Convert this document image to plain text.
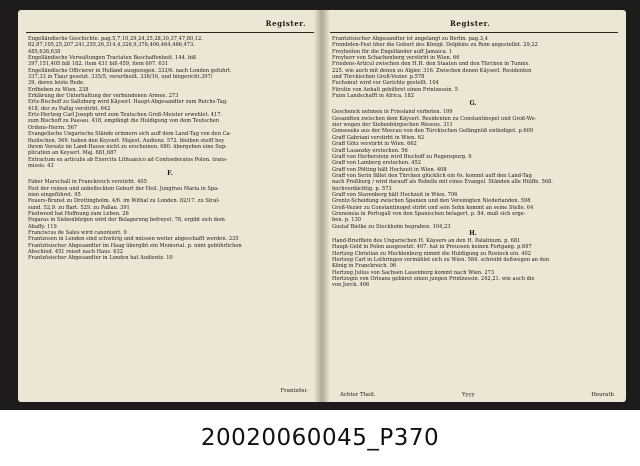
Register.
Engelländische Geschichte. pag.5,7,10,29,24,25,28,30,37,47,80,12.
82,87,105,25,207,241,255,26,314,4,326,9,378,406,464,466,473.
485,636,638
Engelländische Verwaltungen Tractaten Beschaffenheit. 144. biß
397,151,405 biß 182. item 431 biß 459, item 607. 631
Engelländische Officierer in Holland ausgezogen. 333/6. nach Londen gefuhrt.
337,33 in Tiaur gesetzt. 335/5, verurtheilt. 338/16, und hingericht.397/
39, deren leiste Rede.
Erdbeben zu Wien. 238
Erklärung der Unterhaltung der verbundenen Armee. 273
Ertz-Bischoff zu Saltzburg wird Käyserl. Haupt-Abgesandter zum Reichs-Tag.
418, der zu Paßig verstirbt. 642
Ertz-Hertzog Carl Joseph wird zum Teutschen Groß-Meister erwehlet. 417.
zum Bischoff zu Passau. 418, empfängt die Huldigung von dem Teutschen
Ordens-Herrn. 567
Evangelische Ungarische Stände erinnern sich auff dem Land-Tag von den Ca-
tholischen. 569. haben den Keyserl. Majest. Audienz. 572. bleiben steiff bey
ihrem Vorsatz im Land-Hause nicht zu erscheinen. 680. übergeben eine Sup-
plication an Keyserl. Maj. 681,687
Extractum ex articulis ab Exercitu Lithuanico ad Confoederatos Polon. trans-
missis. 43
F.
Faber Marschall in Franckreich verstirbt. 405
Fest der reinen und unbefleckten Geburt der Heil. Jungfrau Maria in Spa-
nien eingeführet. 95
Feuers-Brunst zu Drottingholm. 4/6. im Withal zu Londen. 82/17. zu Stral-
sund. 52,9. zu Bart. 529. zu Paßau. 391
Fiedwood hat Hoffnung zum Leben. 26
Fogaras in Siebenbürgen wird der Belagerung befreyet. 78, ergibt sich dem
Abaffy. 119
Franciscus de Sales wird canonisirt. 9
Frantzosen in Londen sind schwürig und müssen weiter abgeschafft werden. 235
Frantzösischer Abgesandter im Haag übergibt ein Memorial. p. nimt gebührlichen
Abschied. 451 reiset nach Haus. 632
Frantzösischer Abgesandter in Londen hat Audientz. 10
Frantzösi-
Register.
Frantzösischer Abgesandter ist angelangt zu Berlin. pag.3,4
Frembden-Fest über die Geburt des Königl. Dolphins zu Rom angestellet. 29,22
Freyheiten für die Engelländer auff Jamaica. 1
Freyherr von Schachenberg verstirbt in Wien. 66
Friedens-Articul zwischen den H.H. den Staaten und den Türcken in Tunnis.
225. wie auch mit denen zu Algier. 316. Zwischen denen Käyserl. Residenten
und Türckischen Groß-Vezier. p.578
Fuchsmut wird vor Gerichte gestellt. 104
Fürstin von Anhalt gebühret einen Printzessin. 5
Funn Landschafft in Africa. 182
G.
Geschenck nehmen in Friesland verboten. 199
Gesandten zwischen dem Käyserl. Residenten zu Constantinopel und Groß-We-
zier wegen der Siebenbürgischen Wesens. 311
Gonseseks aus der Moscau von den Türckischen Gefängnüß entlediget. p.609
Graff Gabriani verstirbt in Wien. 62
Graff Götz verstirbt in Wien. 662
Graff Lasanzky erstochen. 56
Graff von Herberstein wird Bischoff zu Regenspurg. 9
Graff von Lamberg erstochen. 452
Graff von Pötting hält Hochzeit in Wien. 408
Graff von Serin fället den Türcken glücklich ein 6s. kommt auff den Land-Tag
nach Preßburg / wird darauff als Rebelle mit eines Evangel. Ständen alle Hülffe. 568.
hochverdächtig. p. 573
Graff von Starenberg hält Hochzeit in Wien. 706
Grentz-Scheidung zwischen Spanien und den Vereinigten Niederlanden. 598
Groß-Vezier zu Constantinopel stirbt und sein Sohn kommt an seine Stelle. 64
Gruneneia in Portugall von den Spanischen belagert. p. 84. muß sich erge-
ben. p. 130
Gustaf Bielke zu Stockholm begraben. 104,23
H.
Hand-Briefflein des Ungarischen H. Käysers an den H. Palatinum. p. 681
Haupt-Geld in Polen ausgesetzt. 407. hat in Preussen keinen Fortgang. p.697
Hertzog Christian zu Mecklenburg nimmt die Huldigung zu Rostock ein. 402
Hertzog Carl in Lothringen vermählet sich zu Wien. 584. schreibt deßwegen an den
König in Franckreich. 96
Hertzog Julius von Sachsen Lauenburg kommt nach Wien. 273
Hertzogin von Orleans gebäret einen jungen Printzessin. 242,21. wie auch die
von Jorck. 406
Achter Theil.	Yyyy	Heurath
20020060045_P370
